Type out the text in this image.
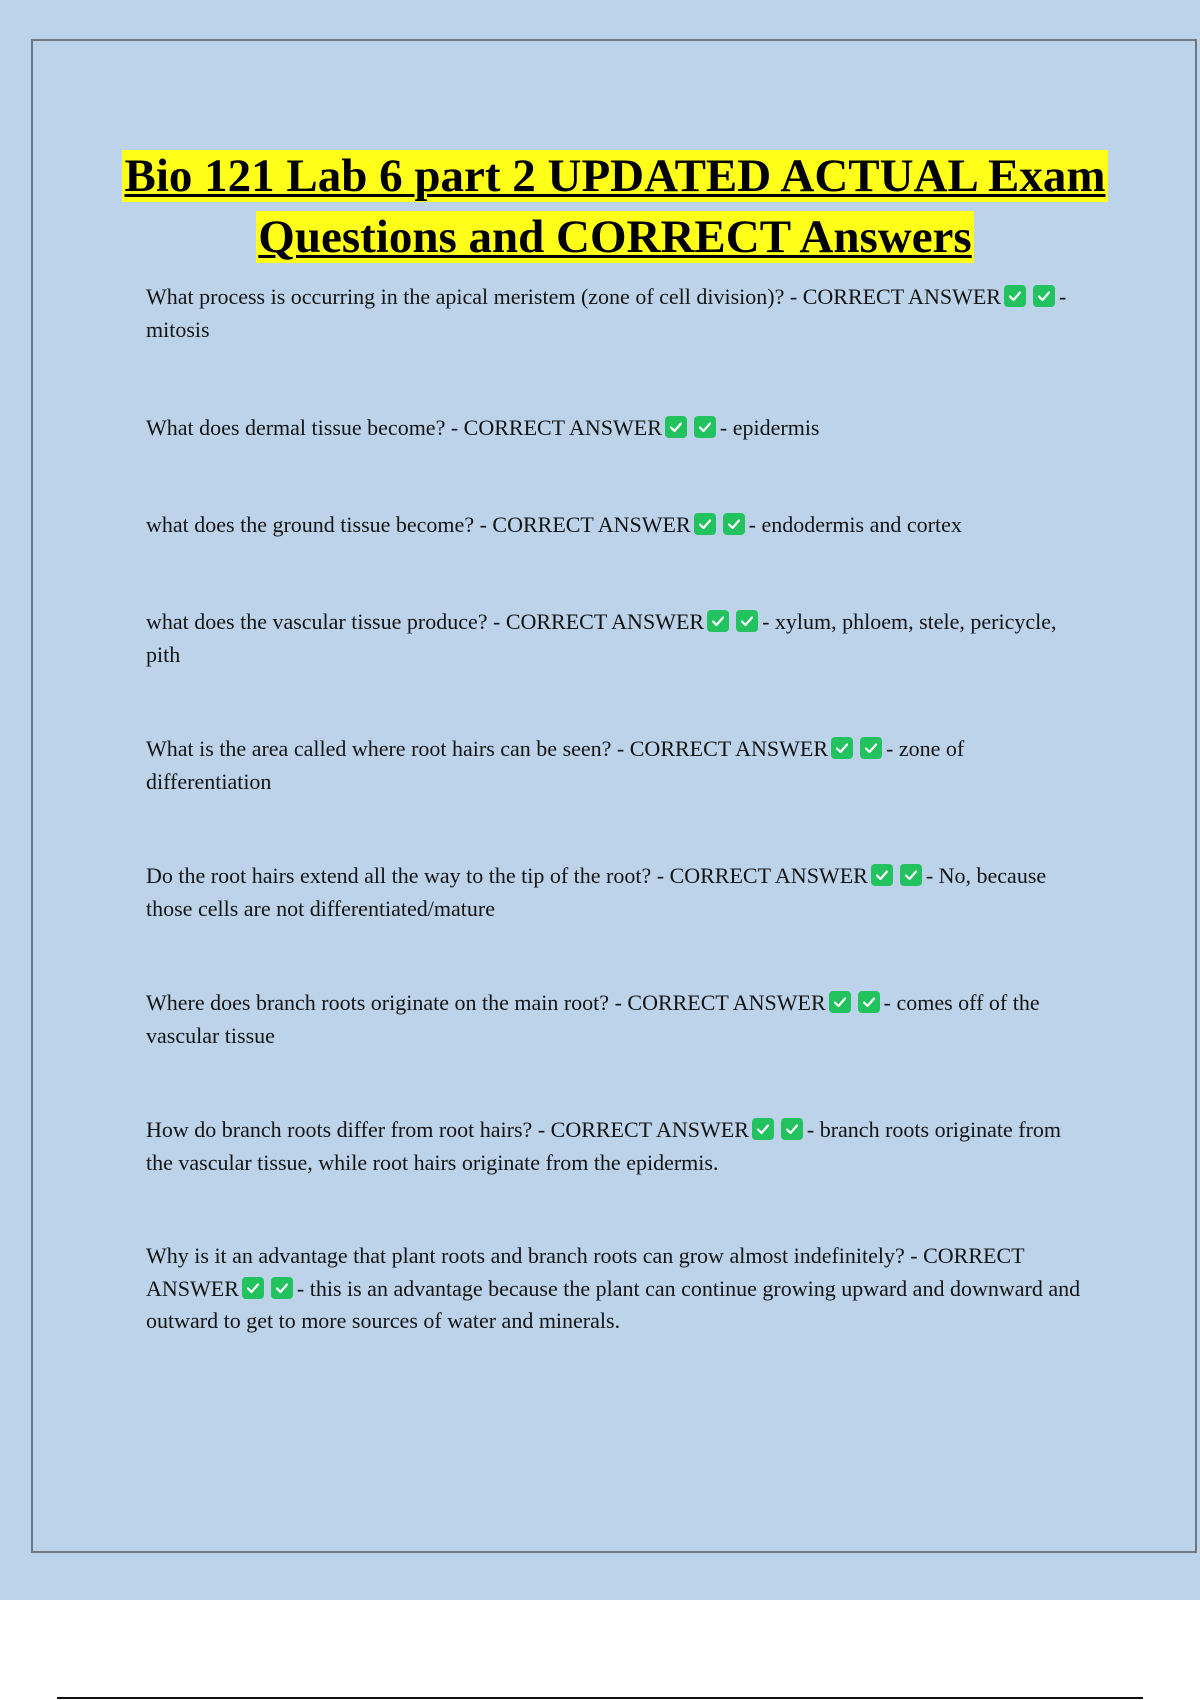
Bio 121 Lab 6 part 2 UPDATED ACTUAL Exam Questions and CORRECT Answers
What process is occurring in the apical meristem (zone of cell division)? - CORRECT ANSWER	- mitosis
What does dermal tissue become? - CORRECT ANSWER	- epidermis
what does the ground tissue become? - CORRECT ANSWER	- endodermis and cortex
what does the vascular tissue produce? - CORRECT ANSWER	- xylum, phloem, stele, pericycle, pith
What is the area called where root hairs can be seen? - CORRECT ANSWER	- zone of differentiation
Do the root hairs extend all the way to the tip of the root? - CORRECT ANSWER	- No, because those cells are not differentiated/mature
Where does branch roots originate on the main root? - CORRECT ANSWER	- comes off of the vascular tissue
How do branch roots differ from root hairs? - CORRECT ANSWER	- branch roots originate from the vascular tissue, while root hairs originate from the epidermis.
Why is it an advantage that plant roots and branch roots can grow almost indefinitely? - CORRECT ANSWER	- this is an advantage because the plant can continue growing upward and downward and outward to get to more sources of water and minerals.
